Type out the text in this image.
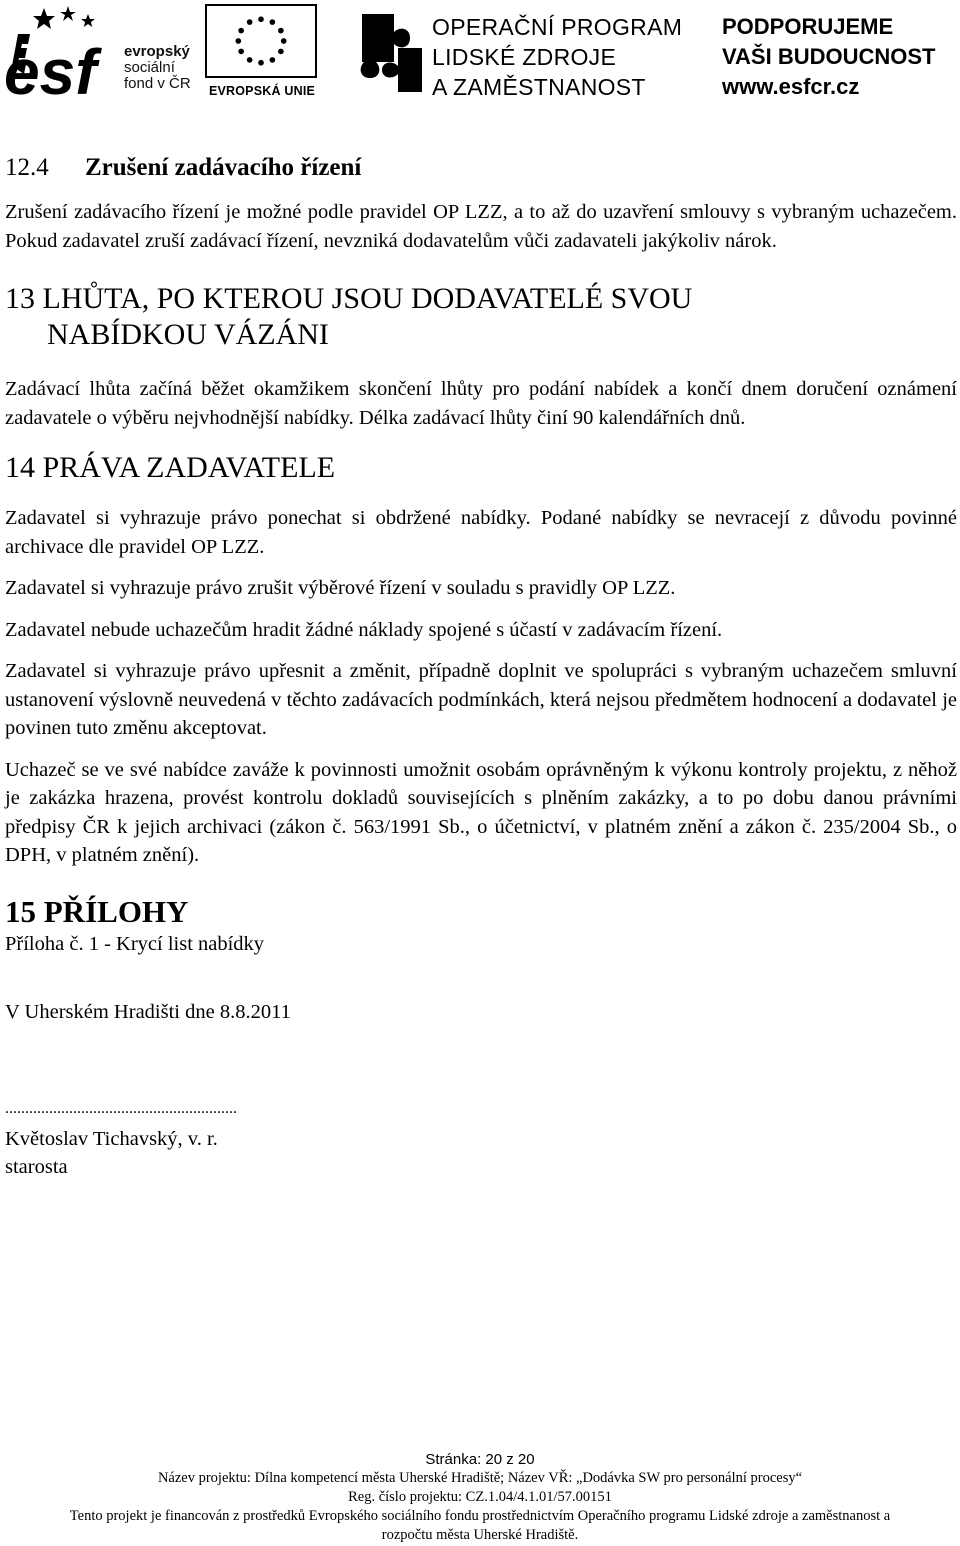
esf	evropský
sociální
fond v ČR	EVROPSKÁ UNIE
OPERAČNÍ PROGRAM
LIDSKÉ ZDROJE
A ZAMĚSTNANOST
PODPORUJEME
VAŠI BUDOUCNOST
www.esfcr.cz
12.4 Zrušení zadávacího řízení

Zrušení zadávacího řízení je možné podle pravidel OP LZZ, a to až do uzavření smlouvy s vybraným uchazečem. Pokud zadavatel zruší zadávací řízení, nevzniká dodavatelům vůči zadavateli jakýkoliv nárok.

13 LHŮTA, PO KTEROU JSOU DODAVATELÉ SVOU
NABÍDKOU VÁZÁNI

Zadávací lhůta začíná běžet okamžikem skončení lhůty pro podání nabídek a končí dnem doručení oznámení zadavatele o výběru nejvhodnější nabídky. Délka zadávací lhůty činí 90 kalendářních dnů.

14 PRÁVA ZADAVATELE

Zadavatel si vyhrazuje právo ponechat si obdržené nabídky. Podané nabídky se nevracejí z důvodu povinné archivace dle pravidel OP LZZ.

Zadavatel si vyhrazuje právo zrušit výběrové řízení v souladu s pravidly OP LZZ.

Zadavatel nebude uchazečům hradit žádné náklady spojené s účastí v zadávacím řízení.

Zadavatel si vyhrazuje právo upřesnit a změnit, případně doplnit ve spolupráci s vybraným uchazečem smluvní ustanovení výslovně neuvedená v těchto zadávacích podmínkách, která nejsou předmětem hodnocení a dodavatel je povinen tuto změnu akceptovat.

Uchazeč se ve své nabídce zaváže k povinnosti umožnit osobám oprávněným k výkonu kontroly projektu, z něhož je zakázka hrazena, provést kontrolu dokladů souvisejících s plněním zakázky, a to po dobu danou právními předpisy ČR k jejich archivaci (zákon č. 563/1991 Sb., o účetnictví, v platném znění a zákon č. 235/2004 Sb., o DPH, v platném znění).

15 PŘÍLOHY

Příloha č. 1 - Krycí list nabídky

V Uherském Hradišti dne 8.8.2011

..........................................................

Květoslav Tichavský, v. r.

starosta

Stránka: 20 z 20
Název projektu: Dílna kompetencí města Uherské Hradiště; Název VŘ: „Dodávka SW pro personální procesy“
Reg. číslo projektu: CZ.1.04/4.1.01/57.00151
Tento projekt je financován z prostředků Evropského sociálního fondu prostřednictvím Operačního programu Lidské zdroje a zaměstnanost a
rozpočtu města Uherské Hradiště.
